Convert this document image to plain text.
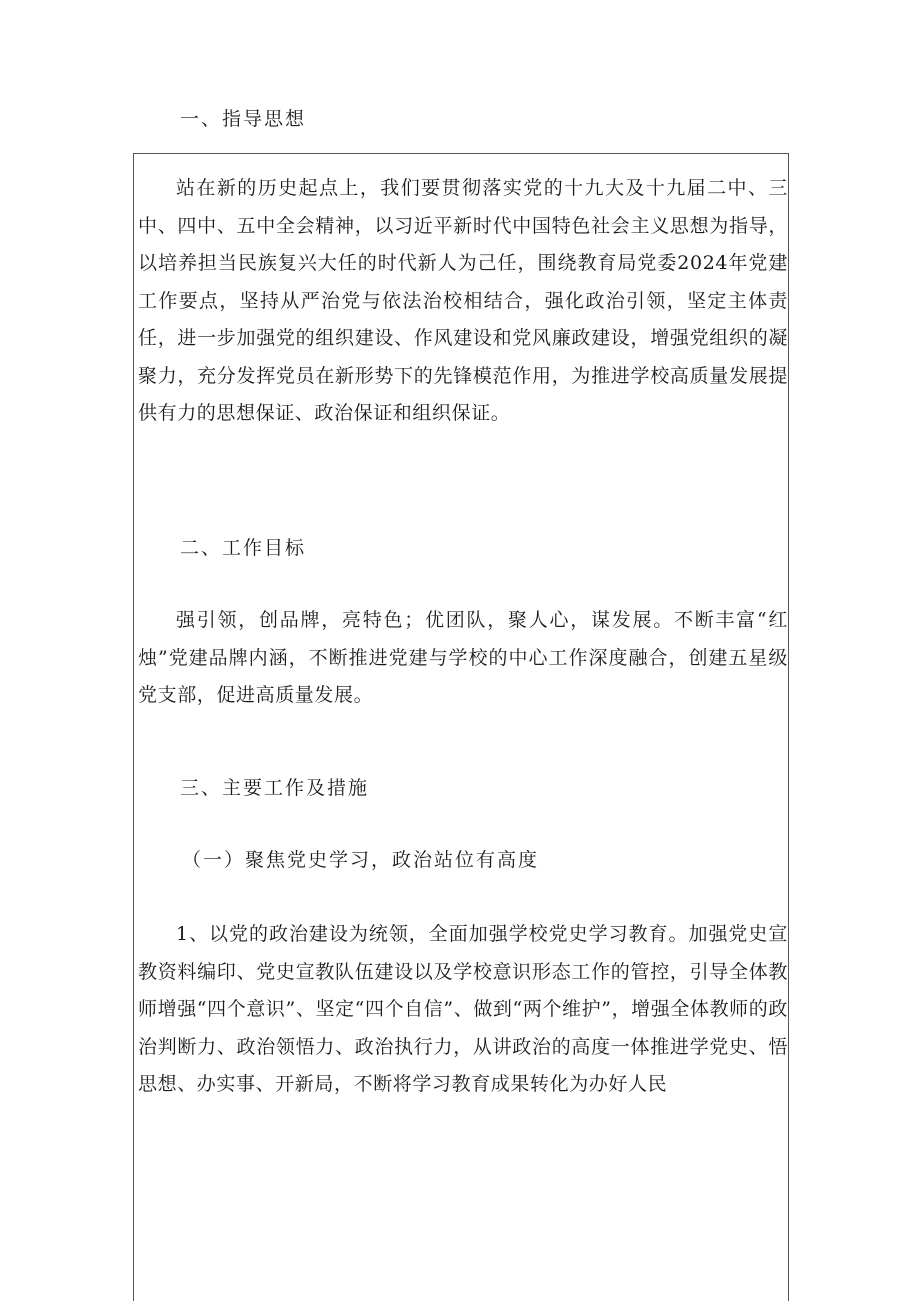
一、指导思想

站在新的历史起点上，我们要贯彻落实党的十九大及十九届二中、三中、四中、五中全会精神，以习近平新时代中国特色社会主义思想为指导，以培养担当民族复兴大任的时代新人为己任，围绕教育局党委2024年党建工作要点，坚持从严治党与依法治校相结合，强化政治引领，坚定主体责任，进一步加强党的组织建设、作风建设和党风廉政建设，增强党组织的凝聚力，充分发挥党员在新形势下的先锋模范作用，为推进学校高质量发展提供有力的思想保证、政治保证和组织保证。

二、工作目标

强引领，创品牌，亮特色；优团队，聚人心，谋发展。不断丰富“红烛”党建品牌内涵，不断推进党建与学校的中心工作深度融合，创建五星级党支部，促进高质量发展。

三、主要工作及措施
（一）聚焦党史学习，政治站位有高度

1、以党的政治建设为统领，全面加强学校党史学习教育。加强党史宣教资料编印、党史宣教队伍建设以及学校意识形态工作的管控，引导全体教师增强“四个意识”、坚定“四个自信”、做到“两个维护”，增强全体教师的政治判断力、政治领悟力、政治执行力，从讲政治的高度一体推进学党史、悟思想、办实事、开新局，不断将学习教育成果转化为办好人民
